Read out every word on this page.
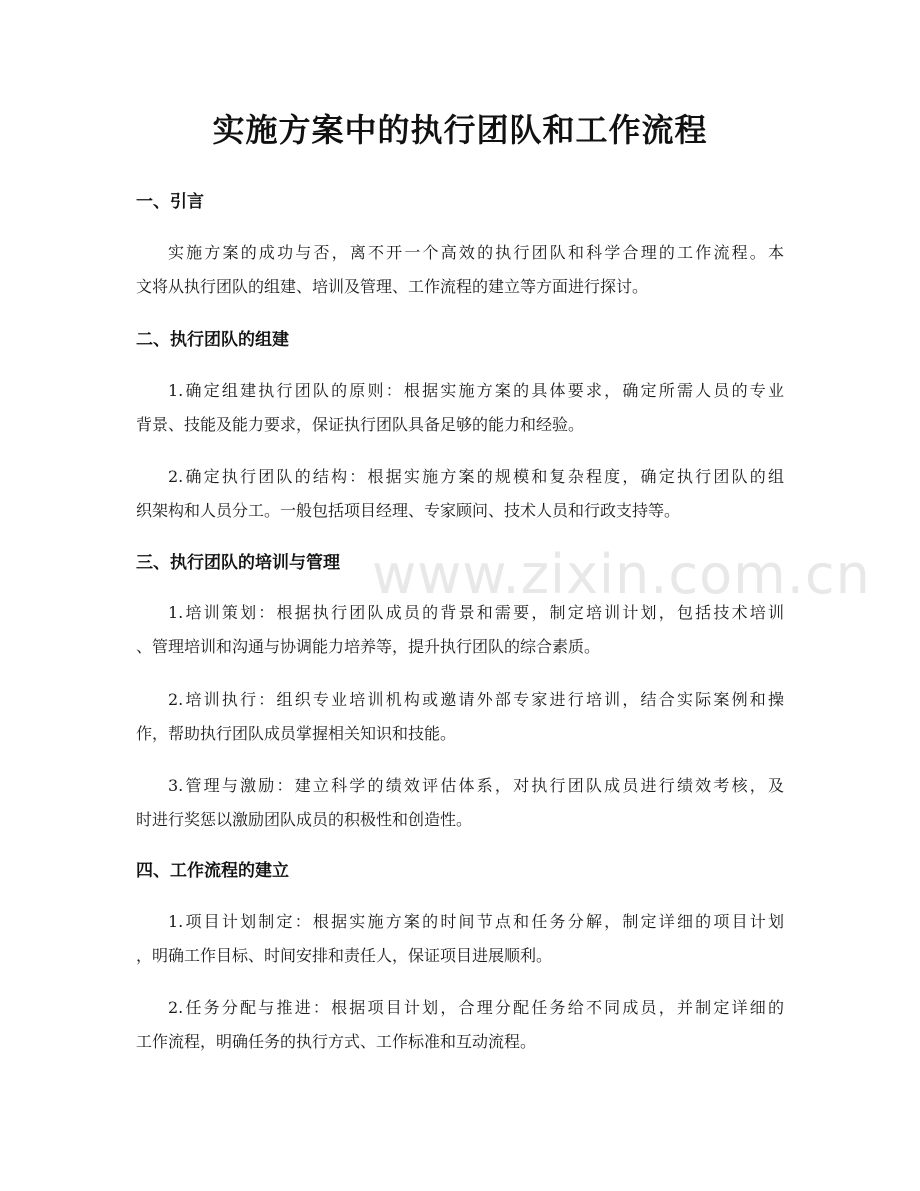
www.zixin.com.cn
实施方案中的执行团队和工作流程
一、引言

实施方案的成功与否，离不开一个高效的执行团队和科学合理的工作流程。本
文将从执行团队的组建、培训及管理、工作流程的建立等方面进行探讨。

二、执行团队的组建

1.确定组建执行团队的原则：根据实施方案的具体要求，确定所需人员的专业
背景、技能及能力要求，保证执行团队具备足够的能力和经验。

2.确定执行团队的结构：根据实施方案的规模和复杂程度，确定执行团队的组
织架构和人员分工。一般包括项目经理、专家顾问、技术人员和行政支持等。

三、执行团队的培训与管理

1.培训策划：根据执行团队成员的背景和需要，制定培训计划，包括技术培训
、管理培训和沟通与协调能力培养等，提升执行团队的综合素质。

2.培训执行：组织专业培训机构或邀请外部专家进行培训，结合实际案例和操
作，帮助执行团队成员掌握相关知识和技能。

3.管理与激励：建立科学的绩效评估体系，对执行团队成员进行绩效考核，及
时进行奖惩以激励团队成员的积极性和创造性。

四、工作流程的建立

1.项目计划制定：根据实施方案的时间节点和任务分解，制定详细的项目计划
，明确工作目标、时间安排和责任人，保证项目进展顺利。

2.任务分配与推进：根据项目计划，合理分配任务给不同成员，并制定详细的
工作流程，明确任务的执行方式、工作标准和互动流程。
